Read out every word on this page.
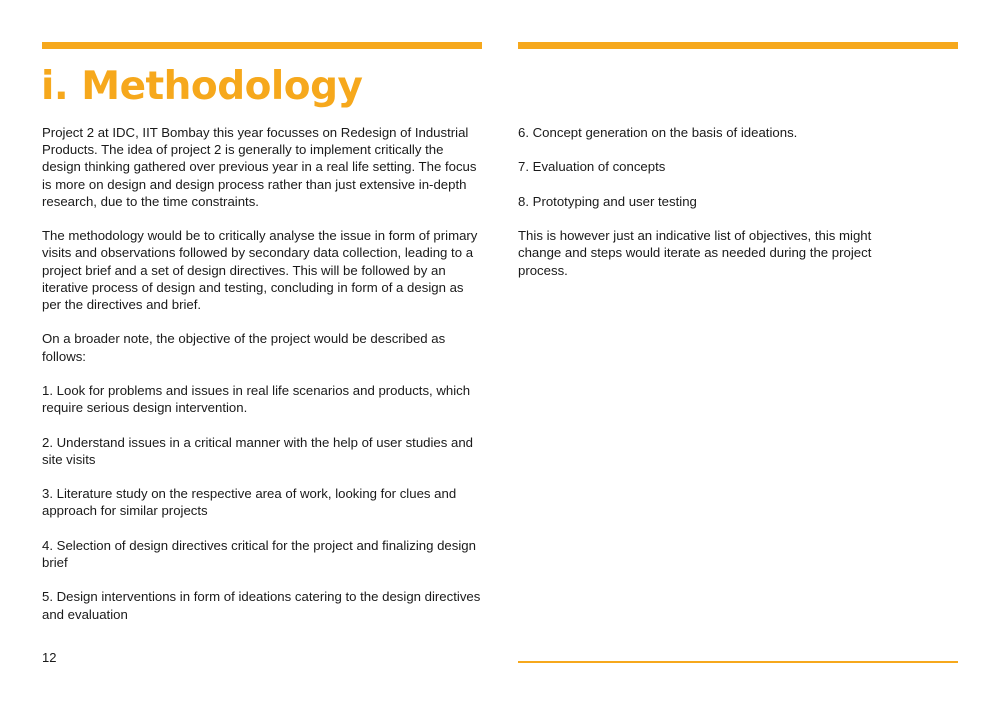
i. Methodology

Project 2 at IDC, IIT Bombay this year focusses on Redesign of Industrial Products. The idea of project 2 is generally to implement critically the design thinking gathered over previous year in a real life setting. The focus is more on design and design process rather than just extensive in-depth research, due to the time constraints.

The methodology would be to critically analyse the issue in form of primary visits and observations followed by secondary data collection, leading to a project brief and a set of design directives. This will be followed by an iterative process of design and testing, concluding in form of a design as per the directives and brief.

On a broader note, the objective of the project would be described as follows:

1. Look for problems and issues in real life scenarios and products, which require serious design intervention.

2. Understand issues in a critical manner with the help of user studies and site visits

3. Literature study on the respective area of work, looking for clues and approach for similar projects

4. Selection of design directives critical for the project and finalizing design brief

5. Design interventions in form of ideations catering to the design directives and evaluation

6. Concept generation on the basis of ideations.

7. Evaluation of concepts

8. Prototyping and user testing

This is however just an indicative list of objectives, this might change and steps would iterate as needed during the project process.

12
